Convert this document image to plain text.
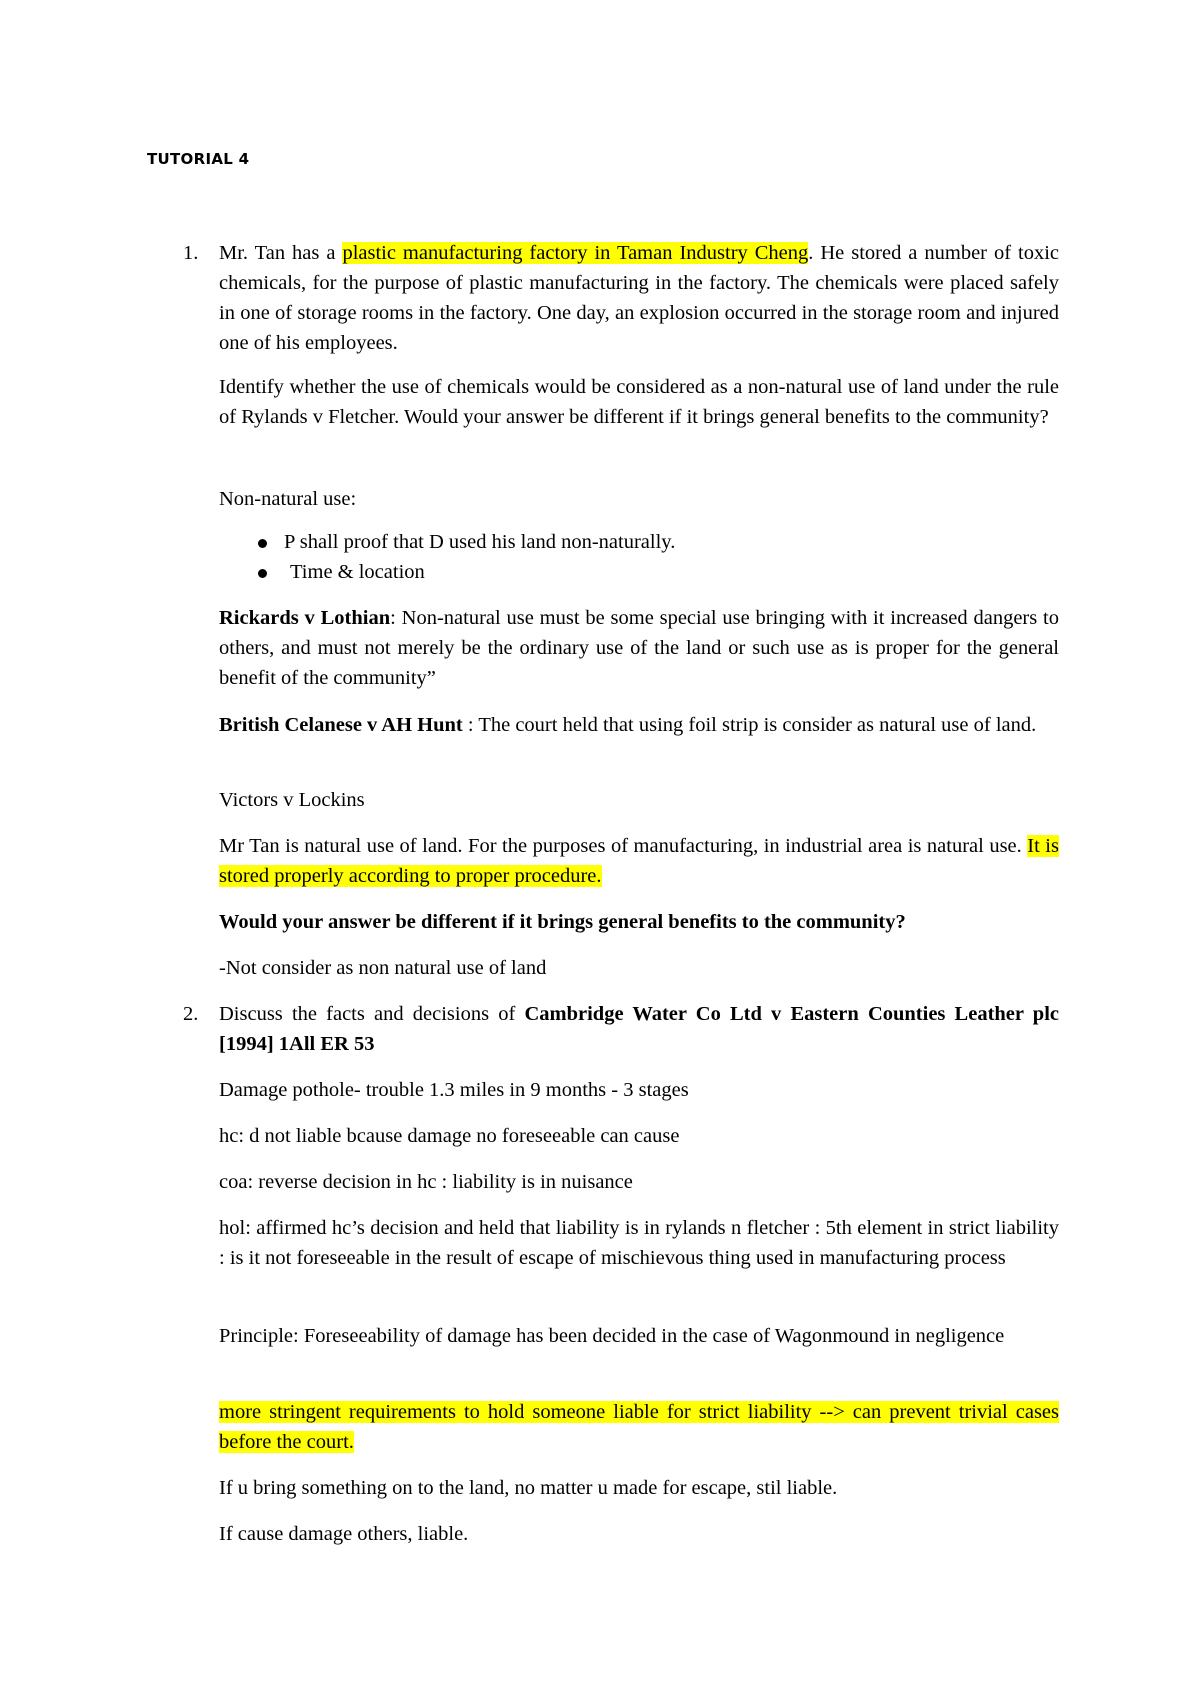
TUTORIAL 4
1. Mr. Tan has a plastic manufacturing factory in Taman Industry Cheng. He stored a number of toxic chemicals, for the purpose of plastic manufacturing in the factory. The chemicals were placed safely in one of storage rooms in the factory. One day, an explosion occurred in the storage room and injured one of his employees.
Identify whether the use of chemicals would be considered as a non-natural use of land under the rule of Rylands v Fletcher. Would your answer be different if it brings general benefits to the community?
Non-natural use:
P shall proof that D used his land non-naturally.
Time & location
Rickards v Lothian: Non-natural use must be some special use bringing with it increased dangers to others, and must not merely be the ordinary use of the land or such use as is proper for the general benefit of the community”
British Celanese v AH Hunt : The court held that using foil strip is consider as natural use of land.
Victors v Lockins
Mr Tan is natural use of land. For the purposes of manufacturing, in industrial area is natural use. It is stored properly according to proper procedure.
Would your answer be different if it brings general benefits to the community?
-Not consider as non natural use of land
2. Discuss the facts and decisions of Cambridge Water Co Ltd v Eastern Counties Leather plc [1994] 1All ER 53
Damage pothole- trouble 1.3 miles in 9 months - 3 stages
hc: d not liable bcause damage no foreseeable can cause
coa: reverse decision in hc : liability is in nuisance
hol: affirmed hc’s decision and held that liability is in rylands n fletcher : 5th element in strict liability : is it not foreseeable in the result of escape of mischievous thing used in manufacturing process
Principle: Foreseeability of damage has been decided in the case of Wagonmound in negligence
more stringent requirements to hold someone liable for strict liability --> can prevent trivial cases before the court.
If u bring something on to the land, no matter u made for escape, stil liable.
If cause damage others, liable.
